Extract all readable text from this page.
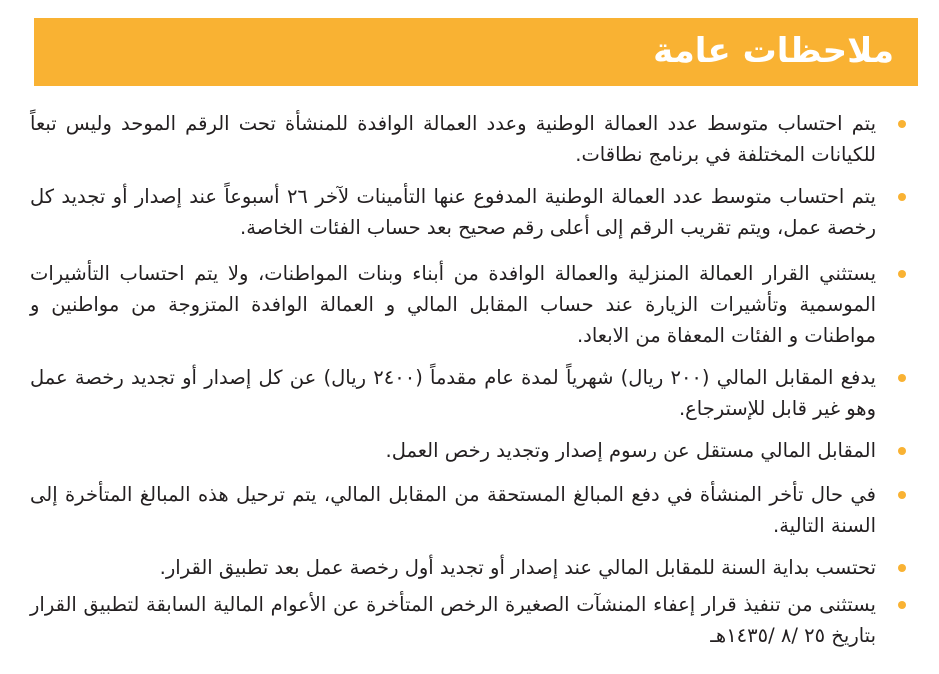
ملاحظات عامة
يتم احتساب متوسط عدد العمالة الوطنية وعدد العمالة الوافدة للمنشأة تحت الرقم الموحد وليس تبعاً للكيانات المختلفة في برنامج نطاقات.
يتم احتساب متوسط عدد العمالة الوطنية المدفوع عنها التأمينات لآخر ٢٦ أسبوعاً عند إصدار أو تجديد كل رخصة عمل، ويتم تقريب الرقم إلى أعلى رقم صحيح بعد حساب الفئات الخاصة.
يستثني القرار العمالة المنزلية والعمالة الوافدة من أبناء وبنات المواطنات، ولا يتم احتساب التأشيرات الموسمية وتأشيرات الزيارة عند حساب المقابل المالي و العمالة الوافدة المتزوجة من مواطنين و مواطنات و الفئات المعفاة من الابعاد.
يدفع المقابل المالي (٢٠٠ ريال) شهرياً لمدة عام مقدماً (٢٤٠٠ ريال) عن كل إصدار أو تجديد رخصة عمل وهو غير قابل للإسترجاع.
المقابل المالي مستقل عن رسوم إصدار وتجديد رخص العمل.
في حال تأخر المنشأة في دفع المبالغ المستحقة من المقابل المالي، يتم ترحيل هذه المبالغ المتأخرة إلى السنة التالية.
تحتسب بداية السنة للمقابل المالي عند إصدار أو تجديد أول رخصة عمل بعد تطبيق القرار.
يستثنى من تنفيذ قرار إعفاء المنشآت الصغيرة الرخص المتأخرة عن الأعوام المالية السابقة لتطبيق القرار بتاريخ ٢٥ /٨ /١٤٣٥هـ
